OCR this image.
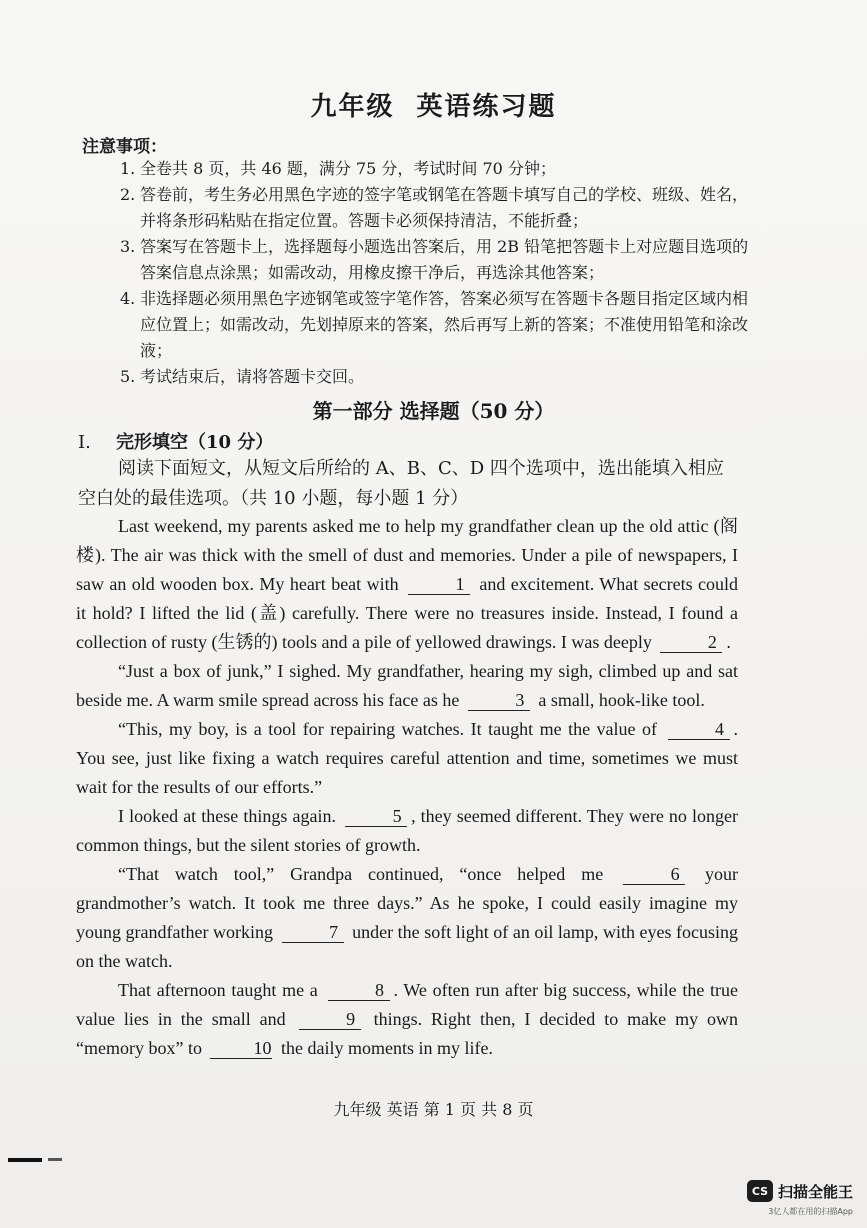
九年级 英语练习题
注意事项：
1. 全卷共 8 页，共 46 题，满分 75 分，考试时间 70 分钟；
2. 答卷前，考生务必用黑色字迹的签字笔或钢笔在答题卡填写自己的学校、班级、姓名，并将条形码粘贴在指定位置。答题卡必须保持清洁，不能折叠；
3. 答案写在答题卡上，选择题每小题选出答案后，用 2B 铅笔把答题卡上对应题目选项的答案信息点涂黑；如需改动，用橡皮擦干净后，再选涂其他答案；
4. 非选择题必须用黑色字迹钢笔或签字笔作答，答案必须写在答题卡各题目指定区域内相应位置上；如需改动，先划掉原来的答案，然后再写上新的答案；不准使用铅笔和涂改液；
5. 考试结束后，请将答题卡交回。
第一部分 选择题（50 分）
I. 完形填空（10 分）
阅读下面短文，从短文后所给的 A、B、C、D 四个选项中，选出能填入相应空白处的最佳选项。（共 10 小题，每小题 1 分）

Last weekend, my parents asked me to help my grandfather clean up the old attic (阁楼). The air was thick with the smell of dust and memories. Under a pile of newspapers, I saw an old wooden box. My heart beat with	1 and excitement. What secrets could it hold? I lifted the lid (盖) carefully. There were no treasures inside. Instead, I found a collection of rusty (生锈的) tools and a pile of yellowed drawings. I was deeply	2 .

“Just a box of junk,” I sighed. My grandfather, hearing my sigh, climbed up and sat beside me. A warm smile spread across his face as he	3 a small, hook-like tool.

“This, my boy, is a tool for repairing watches. It taught me the value of	4 . You see, just like fixing a watch requires careful attention and time, sometimes we must wait for the results of our efforts.”

I looked at these things again.	5 , they seemed different. They were no longer common things, but the silent stories of growth.

“That watch tool,” Grandpa continued, “once helped me	6 your grandmother’s watch. It took me three days.” As he spoke, I could easily imagine my young grandfather working	7 under the soft light of an oil lamp, with eyes focusing on the watch.

That afternoon taught me a	8 . We often run after big success, while the true value lies in the small and	9 things. Right then, I decided to make my own “memory box” to	10 the daily moments in my life.

九年级 英语 第 1 页 共 8 页
CS 扫描全能王
3亿人都在用的扫描App
